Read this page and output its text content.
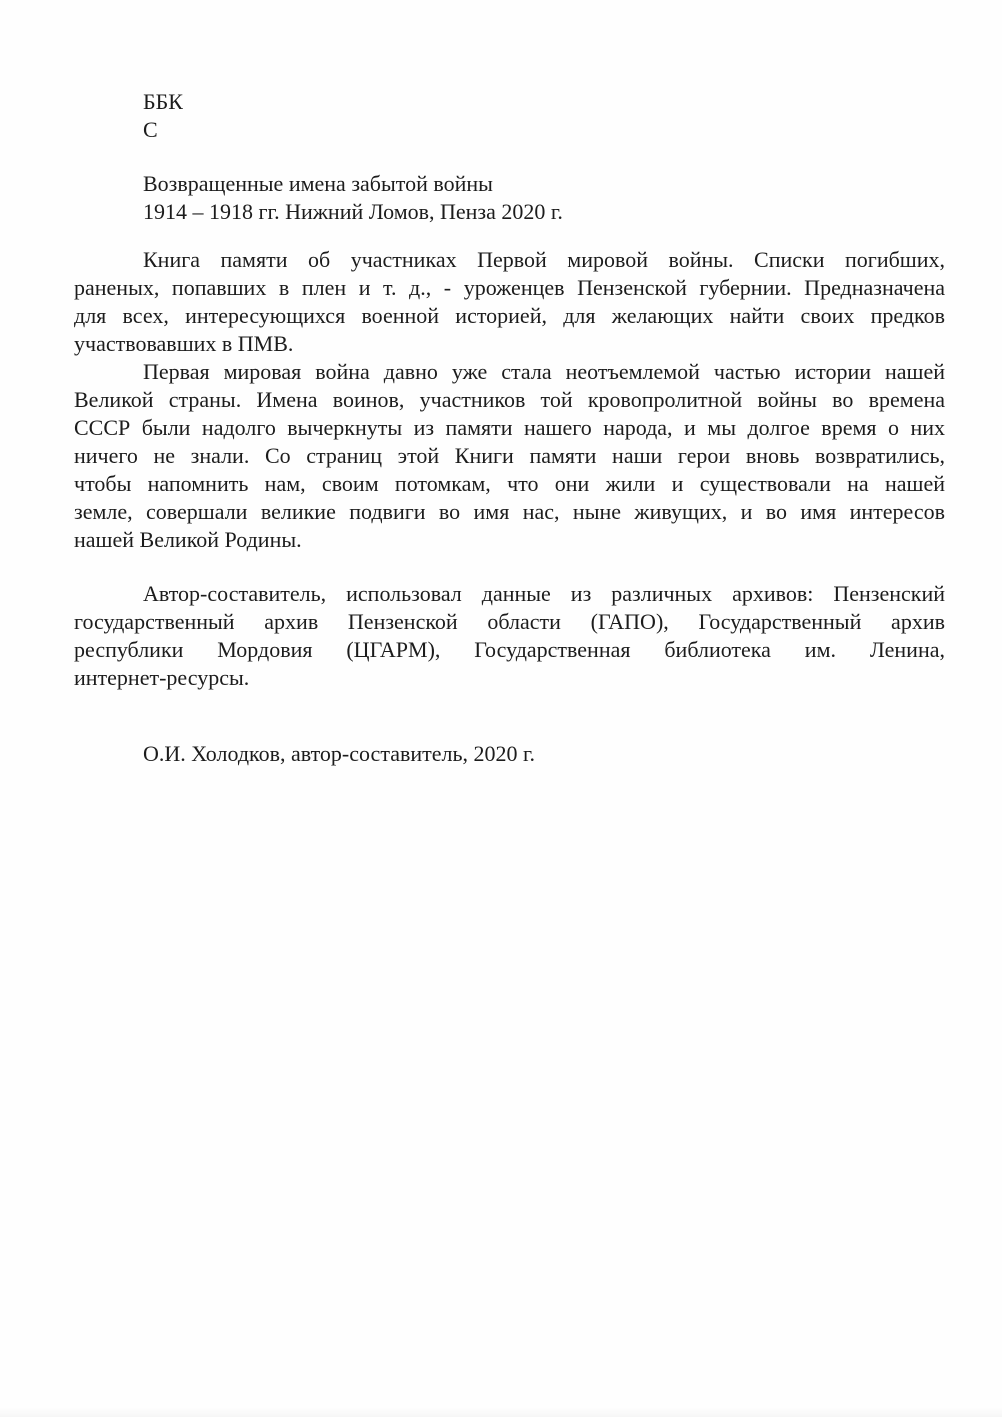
ББК
С
Возвращенные имена забытой войны
1914 – 1918 гг. Нижний Ломов, Пенза 2020 г.
Книга памяти об участниках Первой мировой войны. Списки погибших,
раненых, попавших в плен и т. д., - уроженцев Пензенской губернии. Предназначена
для всех, интересующихся военной историей, для желающих найти своих предков
участвовавших в ПМВ.
Первая мировая война давно уже стала неотъемлемой частью истории нашей
Великой страны. Имена воинов, участников той кровопролитной войны во времена
СССР были надолго вычеркнуты из памяти нашего народа, и мы долгое время о них
ничего не знали. Со страниц этой Книги памяти наши герои вновь возвратились,
чтобы напомнить нам, своим потомкам, что они жили и существовали на нашей
земле, совершали великие подвиги во имя нас, ныне живущих, и во имя интересов
нашей Великой Родины.
Автор-составитель, использовал данные из различных архивов: Пензенский
государственный архив Пензенской области (ГАПО), Государственный архив
республики Мордовия (ЦГАРМ), Государственная библиотека им. Ленина,
интернет-ресурсы.
О.И. Холодков, автор-составитель, 2020 г.
